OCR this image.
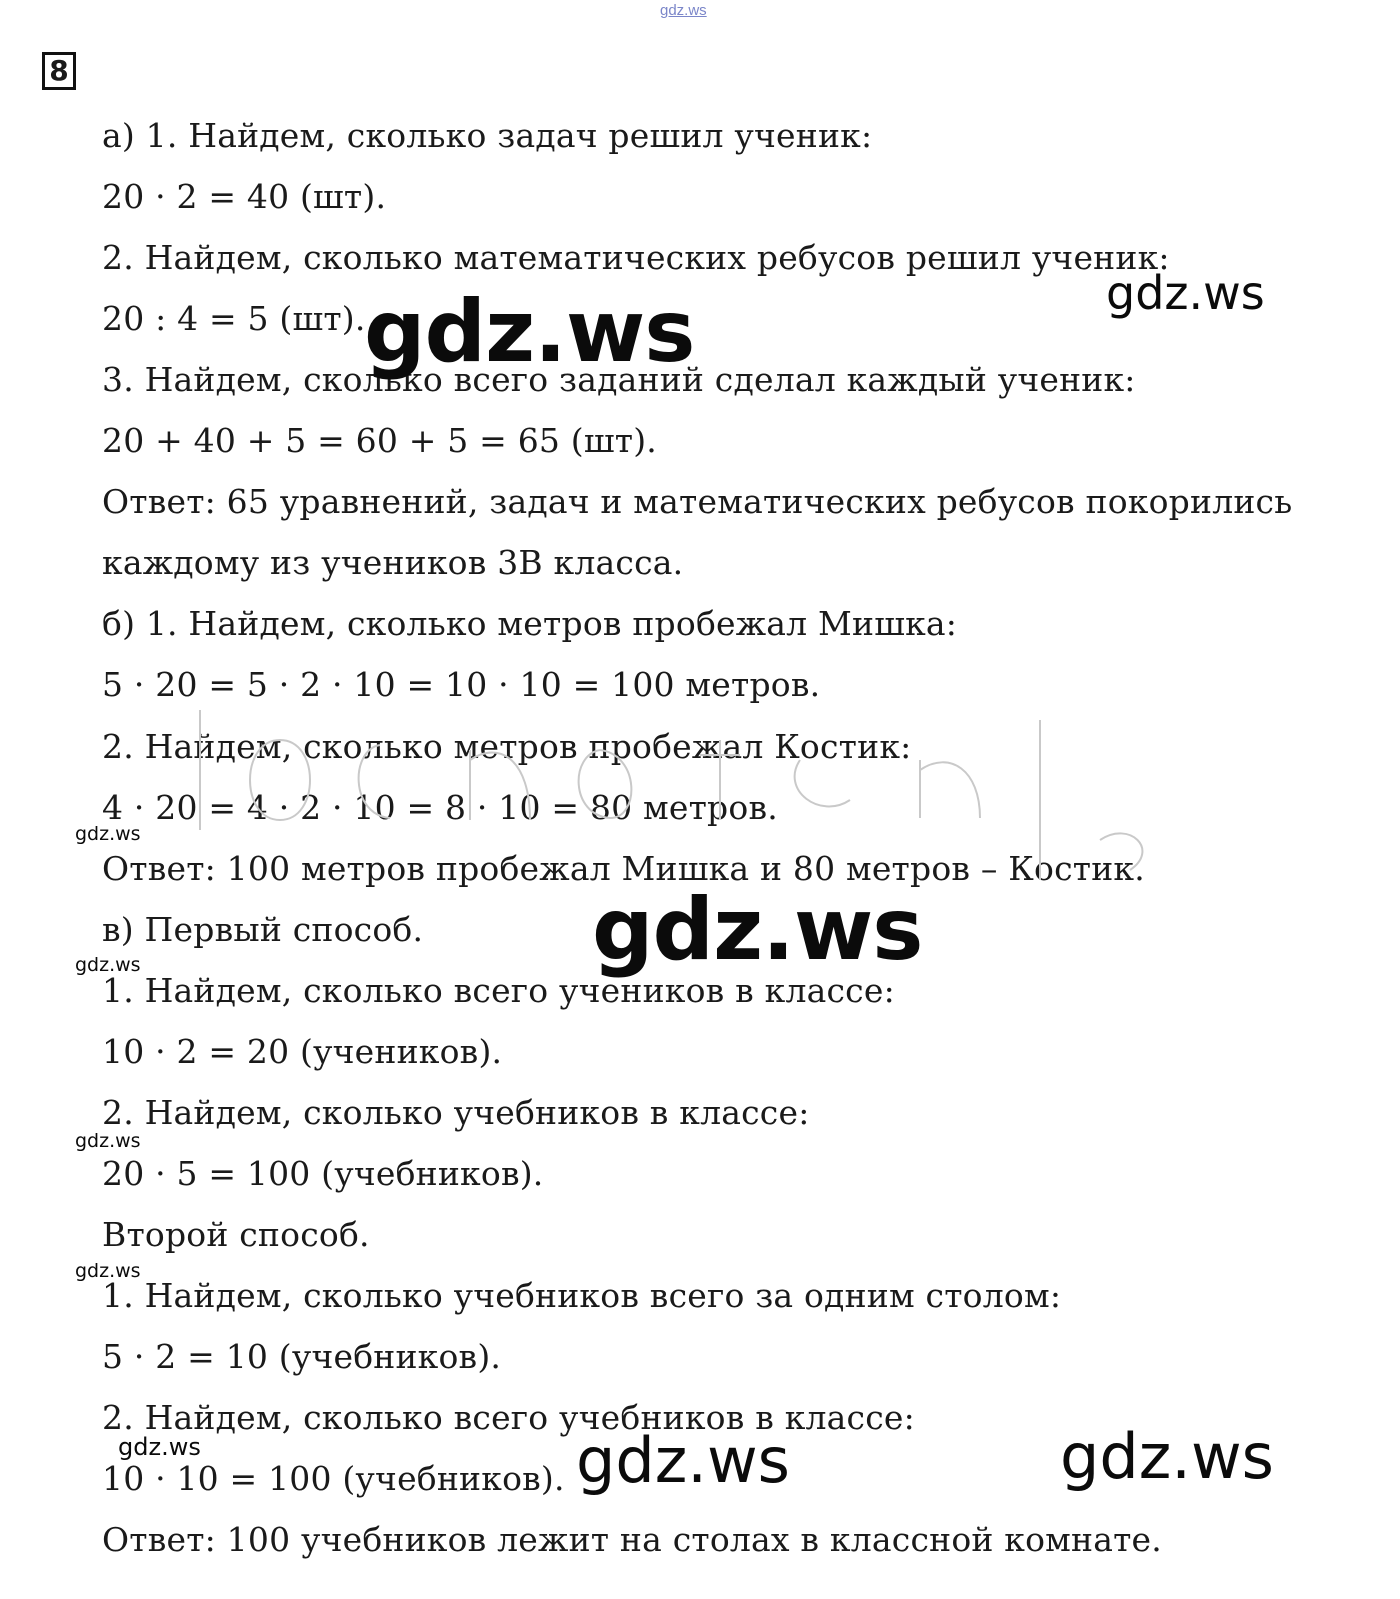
gdz.ws
8
а) 1. Найдем, сколько задач решил ученик:
20 · 2 = 40 (шт).
2. Найдем, сколько математических ребусов решил ученик:
20 : 4 = 5 (шт).
3. Найдем, сколько всего заданий сделал каждый ученик:
20 + 40 + 5 = 60 + 5 = 65 (шт).
Ответ: 65 уравнений, задач и математических ребусов покорились
каждому из учеников 3В класса.
б) 1. Найдем, сколько метров пробежал Мишка:
5 · 20 = 5 · 2 · 10 = 10 · 10 = 100 метров.
2. Найдем, сколько метров пробежал Костик:
4 · 20 = 4 · 2 · 10 = 8 · 10 = 80 метров.
Ответ: 100 метров пробежал Мишка и 80 метров – Костик.
в) Первый способ.
1. Найдем, сколько всего учеников в классе:
10 · 2 = 20 (учеников).
2. Найдем, сколько учебников в классе:
20 · 5 = 100 (учебников).
Второй способ.
1. Найдем, сколько учебников всего за одним столом:
5 · 2 = 10 (учебников).
2. Найдем, сколько всего учебников в классе:
10 · 10 = 100 (учебников).
Ответ: 100 учебников лежит на столах в классной комнате.
gdz.ws	gdz.ws
gdz.ws
gdz.ws
gdz.ws
gdz.ws
gdz.ws
gdz.ws	gdz.ws	gdz.ws
